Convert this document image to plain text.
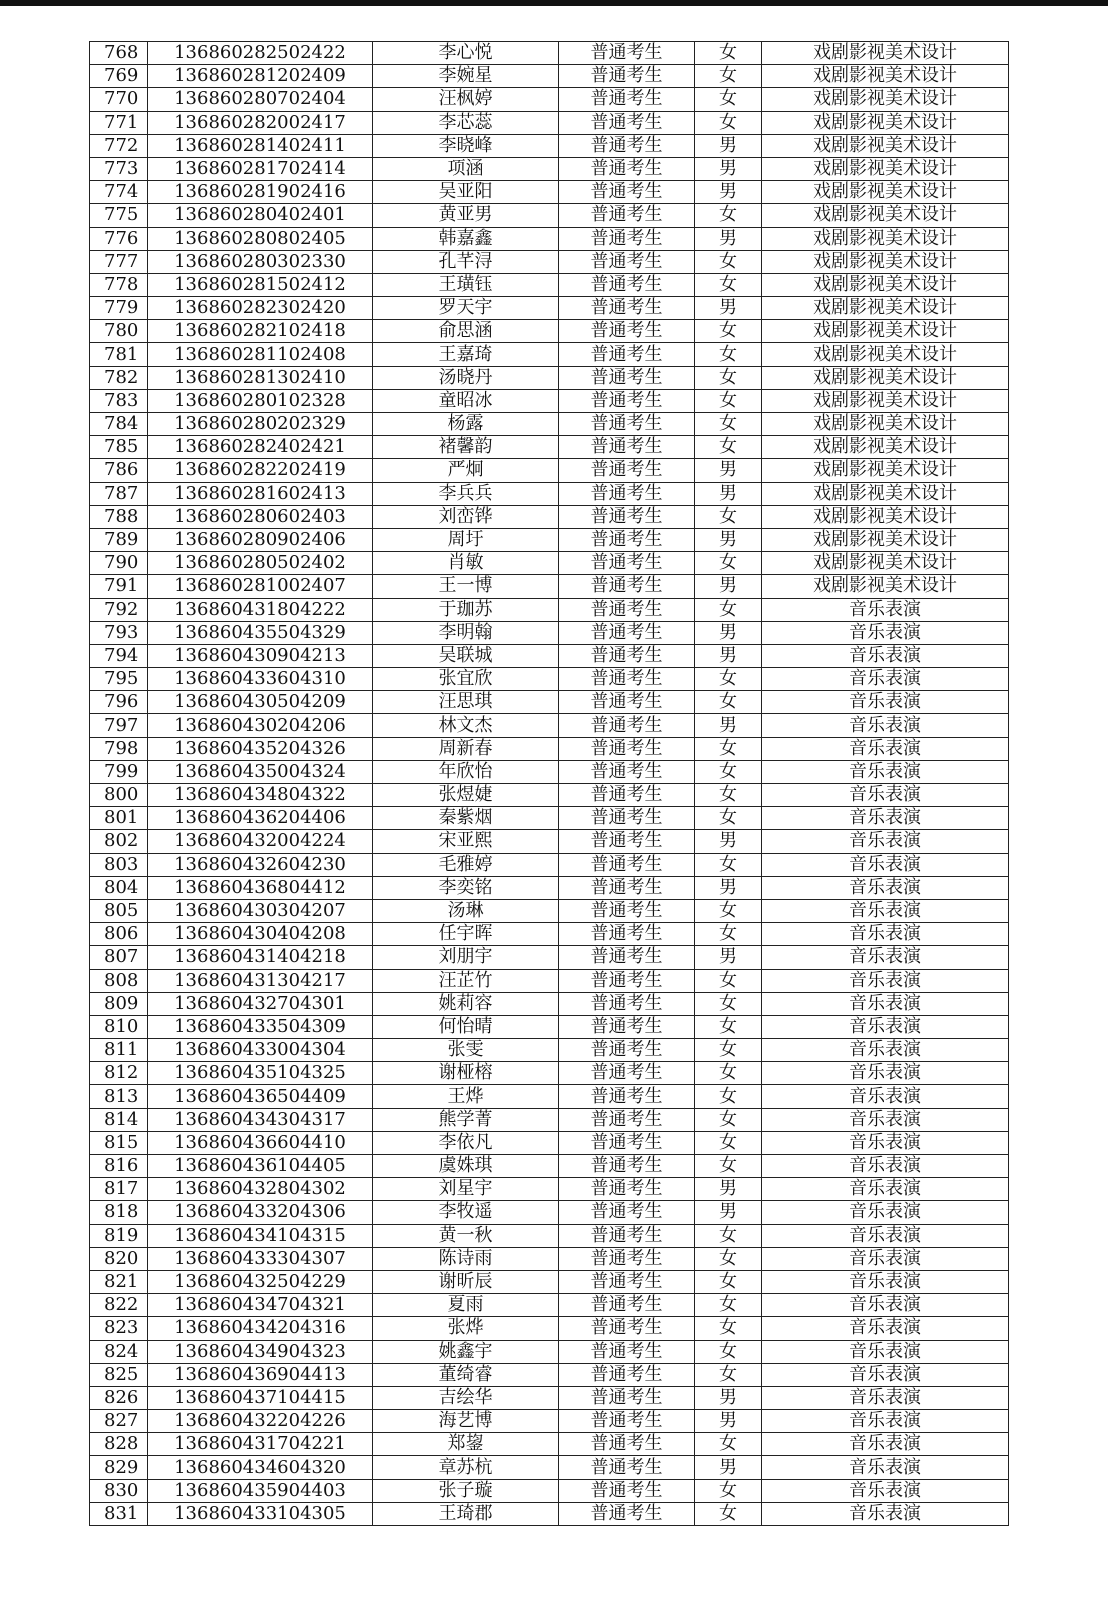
768	136860282502422	李心悦	普通考生	女	戏剧影视美术设计
769	136860281202409	李婉星	普通考生	女	戏剧影视美术设计
770	136860280702404	汪枫婷	普通考生	女	戏剧影视美术设计
771	136860282002417	李芯蕊	普通考生	女	戏剧影视美术设计
772	136860281402411	李晓峰	普通考生	男	戏剧影视美术设计
773	136860281702414	项涵	普通考生	男	戏剧影视美术设计
774	136860281902416	吴亚阳	普通考生	男	戏剧影视美术设计
775	136860280402401	黄亚男	普通考生	女	戏剧影视美术设计
776	136860280802405	韩嘉鑫	普通考生	男	戏剧影视美术设计
777	136860280302330	孔芊浔	普通考生	女	戏剧影视美术设计
778	136860281502412	王璜钰	普通考生	女	戏剧影视美术设计
779	136860282302420	罗天宇	普通考生	男	戏剧影视美术设计
780	136860282102418	俞思涵	普通考生	女	戏剧影视美术设计
781	136860281102408	王嘉琦	普通考生	女	戏剧影视美术设计
782	136860281302410	汤晓丹	普通考生	女	戏剧影视美术设计
783	136860280102328	童昭冰	普通考生	女	戏剧影视美术设计
784	136860280202329	杨露	普通考生	女	戏剧影视美术设计
785	136860282402421	褚馨韵	普通考生	女	戏剧影视美术设计
786	136860282202419	严炯	普通考生	男	戏剧影视美术设计
787	136860281602413	李兵兵	普通考生	男	戏剧影视美术设计
788	136860280602403	刘峦铧	普通考生	女	戏剧影视美术设计
789	136860280902406	周圩	普通考生	男	戏剧影视美术设计
790	136860280502402	肖敏	普通考生	女	戏剧影视美术设计
791	136860281002407	王一博	普通考生	男	戏剧影视美术设计
792	136860431804222	于珈苏	普通考生	女	音乐表演
793	136860435504329	李明翰	普通考生	男	音乐表演
794	136860430904213	吴联城	普通考生	男	音乐表演
795	136860433604310	张宜欣	普通考生	女	音乐表演
796	136860430504209	汪思琪	普通考生	女	音乐表演
797	136860430204206	林文杰	普通考生	男	音乐表演
798	136860435204326	周新春	普通考生	女	音乐表演
799	136860435004324	年欣怡	普通考生	女	音乐表演
800	136860434804322	张煜婕	普通考生	女	音乐表演
801	136860436204406	秦紫烟	普通考生	女	音乐表演
802	136860432004224	宋亚熙	普通考生	男	音乐表演
803	136860432604230	毛雅婷	普通考生	女	音乐表演
804	136860436804412	李奕铭	普通考生	男	音乐表演
805	136860430304207	汤琳	普通考生	女	音乐表演
806	136860430404208	任宇晖	普通考生	女	音乐表演
807	136860431404218	刘朋宇	普通考生	男	音乐表演
808	136860431304217	汪芷竹	普通考生	女	音乐表演
809	136860432704301	姚莉容	普通考生	女	音乐表演
810	136860433504309	何怡晴	普通考生	女	音乐表演
811	136860433004304	张雯	普通考生	女	音乐表演
812	136860435104325	谢桠榕	普通考生	女	音乐表演
813	136860436504409	王烨	普通考生	女	音乐表演
814	136860434304317	熊学菁	普通考生	女	音乐表演
815	136860436604410	李依凡	普通考生	女	音乐表演
816	136860436104405	虞姝琪	普通考生	女	音乐表演
817	136860432804302	刘星宇	普通考生	男	音乐表演
818	136860433204306	李牧遥	普通考生	男	音乐表演
819	136860434104315	黄一秋	普通考生	女	音乐表演
820	136860433304307	陈诗雨	普通考生	女	音乐表演
821	136860432504229	谢昕辰	普通考生	女	音乐表演
822	136860434704321	夏雨	普通考生	女	音乐表演
823	136860434204316	张烨	普通考生	女	音乐表演
824	136860434904323	姚鑫宇	普通考生	女	音乐表演
825	136860436904413	董绮睿	普通考生	女	音乐表演
826	136860437104415	吉绘华	普通考生	男	音乐表演
827	136860432204226	海艺博	普通考生	男	音乐表演
828	136860431704221	郑鋆	普通考生	女	音乐表演
829	136860434604320	章苏杭	普通考生	男	音乐表演
830	136860435904403	张子璇	普通考生	女	音乐表演
831	136860433104305	王琦郡	普通考生	女	音乐表演
